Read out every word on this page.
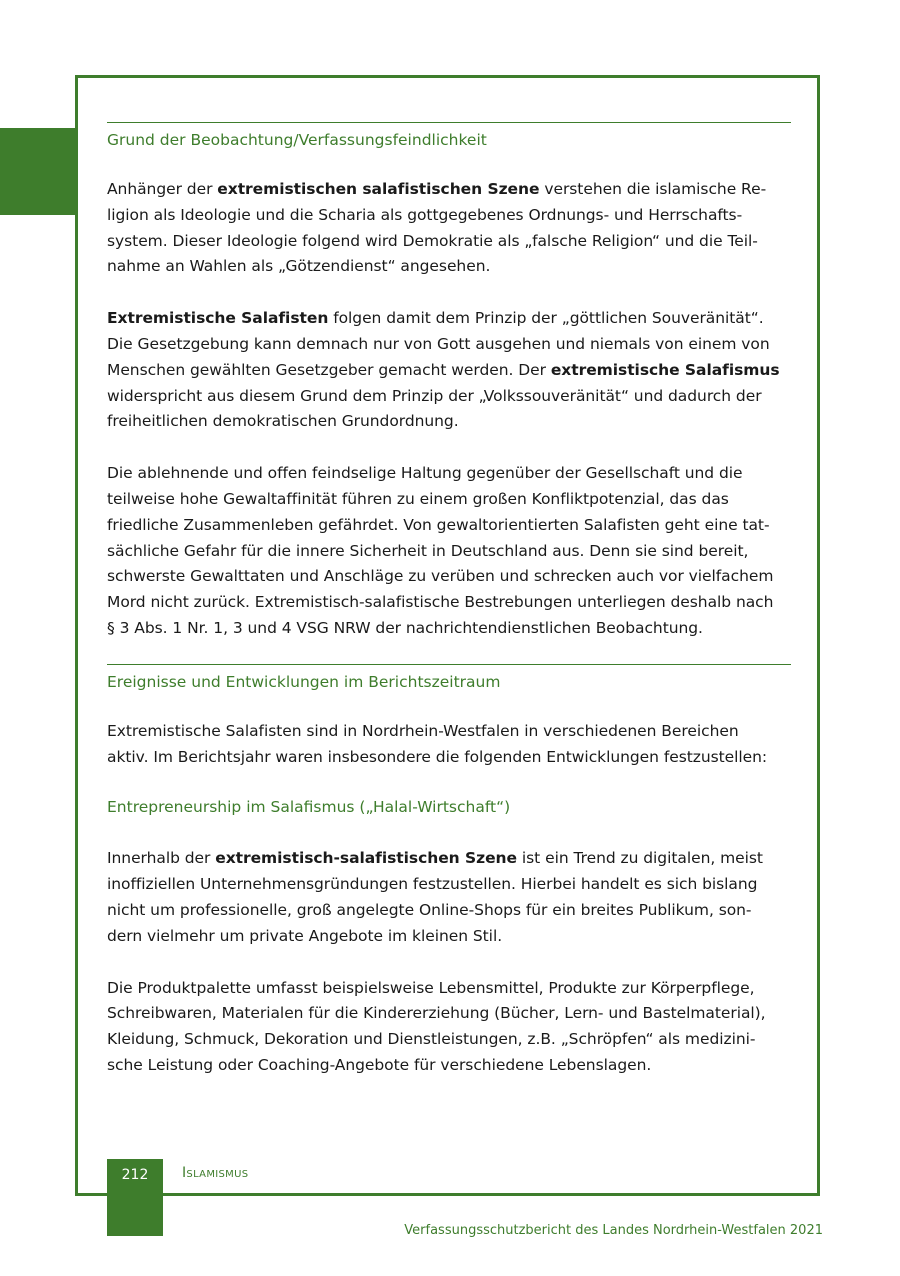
Grund der Beobachtung/Verfassungsfeindlichkeit

Anhänger der extremistischen salafistischen Szene verstehen die islamische Re-
ligion als Ideologie und die Scharia als gottgegebenes Ordnungs- und Herrschafts-
system. Dieser Ideologie folgend wird Demokratie als „falsche Religion“ und die Teil-
nahme an Wahlen als „Götzendienst“ angesehen.

Extremistische Salafisten folgen damit dem Prinzip der „göttlichen Souveränität“.
Die Gesetzgebung kann demnach nur von Gott ausgehen und niemals von einem von
Menschen gewählten Gesetzgeber gemacht werden. Der extremistische Salafismus
widerspricht aus diesem Grund dem Prinzip der „Volkssouveränität“ und dadurch der
freiheitlichen demokratischen Grundordnung.

Die ablehnende und offen feindselige Haltung gegenüber der Gesellschaft und die
teilweise hohe Gewaltaffinität führen zu einem großen Konfliktpotenzial, das das
friedliche Zusammenleben gefährdet. Von gewaltorientierten Salafisten geht eine tat-
sächliche Gefahr für die innere Sicherheit in Deutschland aus. Denn sie sind bereit,
schwerste Gewalttaten und Anschläge zu verüben und schrecken auch vor vielfachem
Mord nicht zurück. Extremistisch-salafistische Bestrebungen unterliegen deshalb nach
§ 3 Abs. 1 Nr. 1, 3 und 4 VSG NRW der nachrichtendienstlichen Beobachtung.

Ereignisse und Entwicklungen im Berichtszeitraum

Extremistische Salafisten sind in Nordrhein-Westfalen in verschiedenen Bereichen
aktiv. Im Berichtsjahr waren insbesondere die folgenden Entwicklungen festzustellen:

Entrepreneurship im Salafismus („Halal-Wirtschaft“)

Innerhalb der extremistisch-salafistischen Szene ist ein Trend zu digitalen, meist
inoffiziellen Unternehmensgründungen festzustellen. Hierbei handelt es sich bislang
nicht um professionelle, groß angelegte Online-Shops für ein breites Publikum, son-
dern vielmehr um private Angebote im kleinen Stil.

Die Produktpalette umfasst beispielsweise Lebensmittel, Produkte zur Körperpflege,
Schreibwaren, Materialen für die Kindererziehung (Bücher, Lern- und Bastelmaterial),
Kleidung, Schmuck, Dekoration und Dienstleistungen, z.B. „Schröpfen“ als medizini-
sche Leistung oder Coaching-Angebote für verschiedene Lebenslagen.

212	Islamismus
Verfassungsschutzbericht des Landes Nordrhein-Westfalen 2021
